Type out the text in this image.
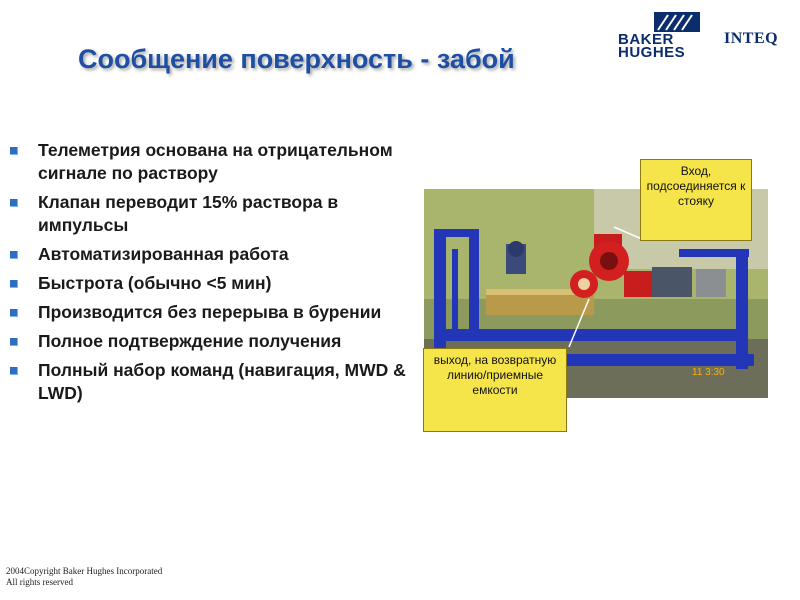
Сообщение поверхность - забой
BAKER
HUGHES
INTEQ
Телеметрия основана на отрицательном сигнале по раствору
Клапан переводит 15% раствора в импульсы
Автоматизированная работа
Быстрота (обычно <5 мин)
Производится без перерыва в бурении
Полное подтверждение получения
Полный набор команд (навигация, MWD & LWD)
11 3:30
Вход, подсоединяется к стояку
выход, на возвратную линию/приемные емкости
2004Copyright Baker Hughes Incorporated
All rights reserved
